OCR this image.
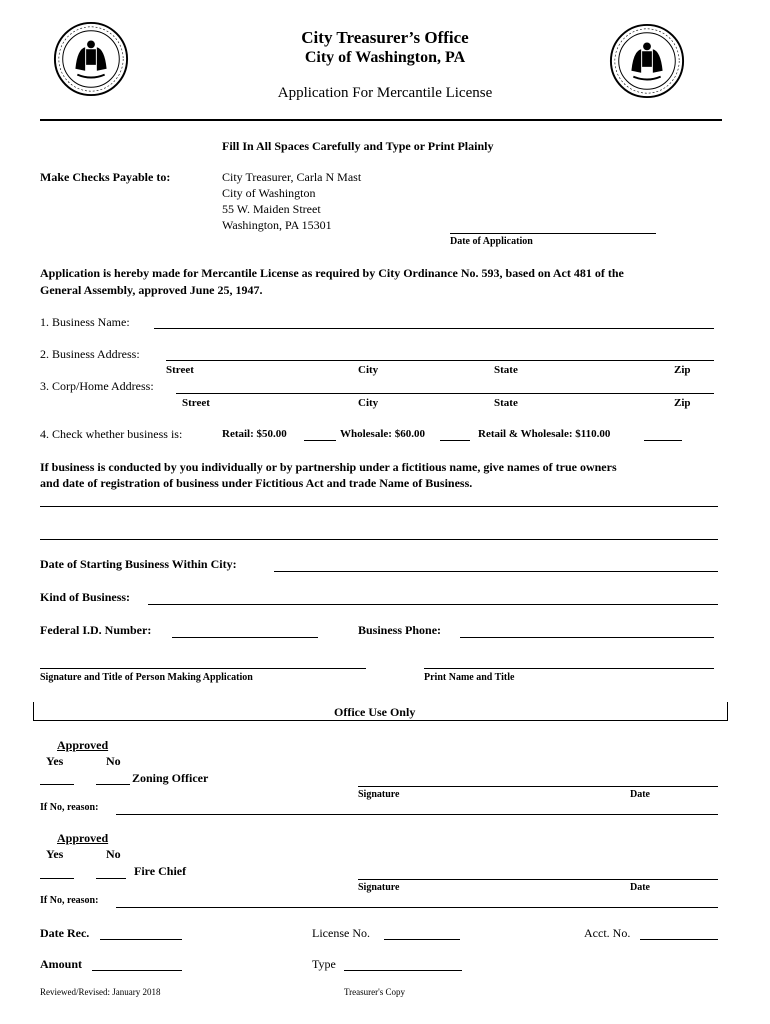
City Treasurer’s Office
City of Washington, PA
Application For Mercantile License
Fill In All Spaces Carefully and Type or Print Plainly
Make Checks Payable to:	City Treasurer, Carla N Mast
City of Washington
55 W. Maiden Street
Washington, PA 15301
Date of Application
Application is hereby made for Mercantile License as required by City Ordinance No. 593, based on Act 481 of the
General Assembly, approved June 25, 1947.
1. Business Name:
2. Business Address:
Street	City	State	Zip
3. Corp/Home Address:
Street	City	State	Zip
4. Check whether business is:	Retail: $50.00	Wholesale: $60.00	Retail & Wholesale: $110.00
If business is conducted by you individually or by partnership under a fictitious name, give names of true owners
and date of registration of business under Fictitious Act and trade Name of Business.
Date of Starting Business Within City:
Kind of Business:
Federal I.D. Number:	Business Phone:
Signature and Title of Person Making Application	Print Name and Title
Office Use Only
Approved
Yes	No
Zoning Officer
Signature	Date
If No, reason:
Approved
Yes	No
Fire Chief
Signature	Date
If No, reason:
Date Rec.	License No.	Acct. No.
Amount	Type
Reviewed/Revised: January 2018	Treasurer's Copy
